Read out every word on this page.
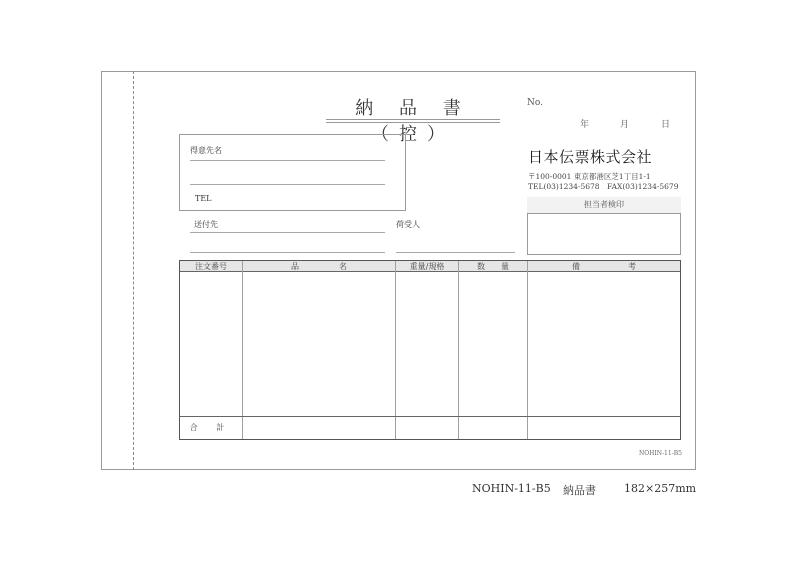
納 品 書（控）
No.
年	月	日
得意先名
TEL
日本伝票株式会社
〒100-0001 東京都港区芝1丁目1-1
TEL(03)1234-5678　FAX(03)1234-5679
担当者検印
送付先	荷受人
注文番号	品　　　　　名	重量/規格	数　　量	備　　　　　　考
合 計
NOHIN-11-B5
NOHIN-11-B5 納品書	182×257mm
